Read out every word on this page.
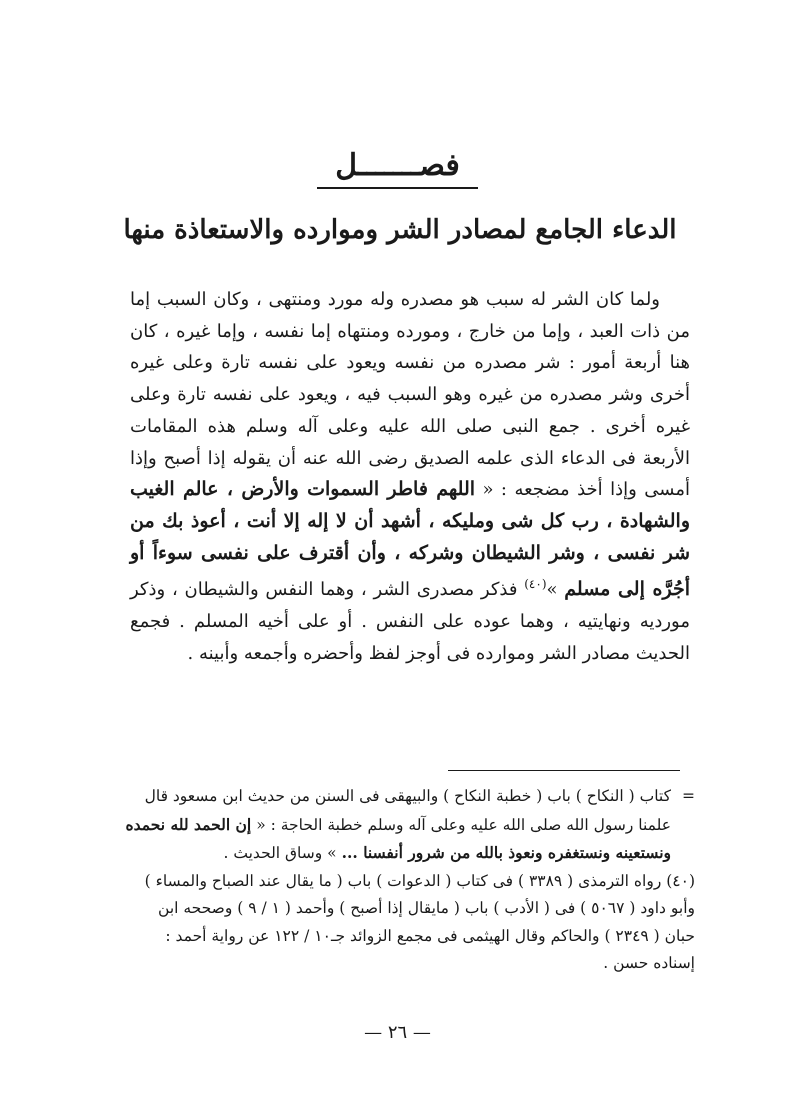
فصـــــــل
الدعاء الجامع لمصادر الشر وموارده والاستعاذة منها

ولما كان الشر له سبب هو مصدره وله مورد ومنتهى ، وكان السبب إما من ذات العبد ، وإما من خارج ، ومورده ومنتهاه إما نفسه ، وإما غيره ، كان هنا أربعة أمور : شر مصدره من نفسه ويعود على نفسه تارة وعلى غيره أخرى وشر مصدره من غيره وهو السبب فيه ، ويعود على نفسه تارة وعلى غيره أخرى . جمع النبى صلى الله عليه وعلى آله وسلم هذه المقامات الأربعة فى الدعاء الذى علمه الصديق رضى الله عنه أن يقوله إذا أصبح وإذا أمسى وإذا أخذ مضجعه : « اللهم فاطر السموات والأرض ، عالم الغيب والشهادة ، رب كل شى ومليكه ، أشهد أن لا إله إلا أنت ، أعوذ بك من شر نفسى ، وشر الشيطان وشركه ، وأن أقترف على نفسى سوءاً أو أجُرَّه إلى مسلم »$^{(٤٠)}$ فذكر مصدرى الشر ، وهما النفس والشيطان ، وذكر مورديه ونهايتيه ، وهما عوده على النفس . أو على أخيه المسلم . فجمع الحديث مصادر الشر وموارده فى أوجز لفظ وأحضره وأجمعه وأبينه .

=
كتاب ( النكاح ) باب ( خطبة النكاح ) والبيهقى فى السنن من حديث ابن مسعود قال علمنا رسول الله صلى الله عليه وعلى آله وسلم خطبة الحاجة : « إن الحمد لله نحمده ونستعينه ونستغفره ونعوذ بالله من شرور أنفسنا ... » وساق الحديث .

(٤٠) رواه الترمذى ( ٣٣٨٩ ) فى كتاب ( الدعوات ) باب ( ما يقال عند الصباح والمساء ) وأبو داود ( ٥٠٦٧ ) فى ( الأدب ) باب ( مايقال إذا أصبح ) وأحمد ( ١ / ٩ ) وصححه ابن حبان ( ٢٣٤٩ ) والحاكم وقال الهيثمى فى مجمع الزوائد جـ١٠ / ١٢٢ عن رواية أحمد : إسناده حسن .

— ٢٦ —
